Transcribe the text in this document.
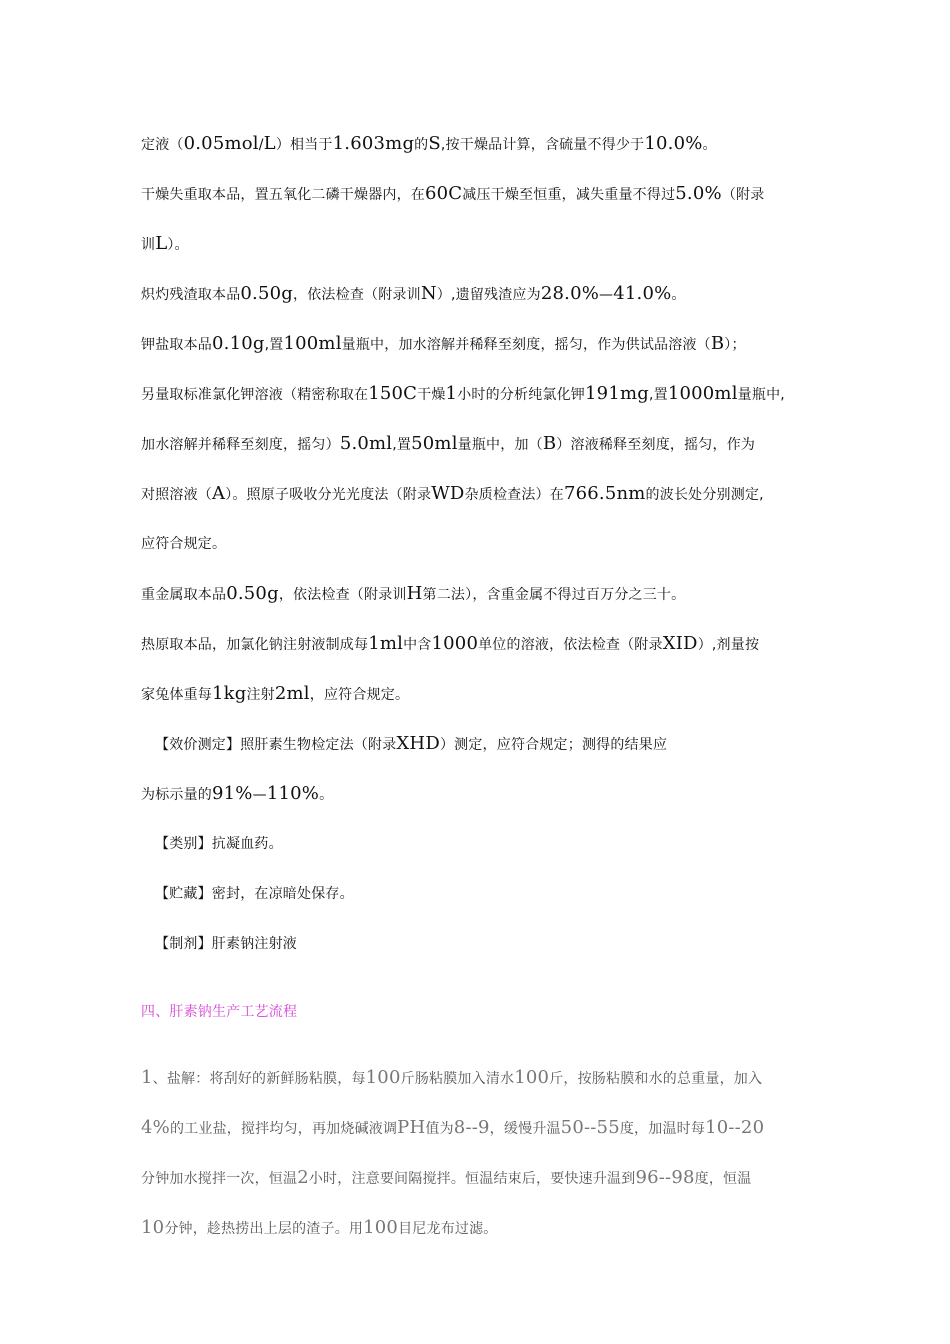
定液（0.05mol/L）相当于1.603mg的S,按干燥品计算，含硫量不得少于10.0%。
干燥失重取本品，置五氧化二磷干燥器内，在60C减压干燥至恒重，减失重量不得过5.0%（附录
训L）。
炽灼残渣取本品0.50g，依法检查（附录训N）,遗留残渣应为28.0%—41.0%。
钾盐取本品0.10g,置100ml量瓶中，加水溶解并稀释至刻度，摇匀，作为供试品溶液（B）；
另量取标准氯化钾溶液（精密称取在150C干燥1小时的分析纯氯化钾191mg,置1000ml量瓶中,
加水溶解并稀释至刻度，摇匀）5.0ml,置50ml量瓶中，加（B）溶液稀释至刻度，摇匀，作为
对照溶液（A）。照原子吸收分光光度法（附录WD杂质检查法）在766.5nm的波长处分别测定,
应符合规定。
重金属取本品0.50g，依法检查（附录训H第二法），含重金属不得过百万分之三十。
热原取本品，加氯化钠注射液制成每1ml中含1000单位的溶液，依法检查（附录XID）,剂量按
家兔体重每1kg注射2ml，应符合规定。
【效价测定】照肝素生物检定法（附录XHD）测定，应符合规定；测得的结果应
为标示量的91%—110%。
【类别】抗凝血药。
【贮藏】密封，在凉暗处保存。
【制剂】肝素钠注射液
四、肝素钠生产工艺流程
1、盐解：将刮好的新鲜肠粘膜，每100斤肠粘膜加入清水100斤，按肠粘膜和水的总重量，加入
4%的工业盐，搅拌均匀，再加烧碱液调PH值为8--9，缓慢升温50--55度，加温时每10--20
分钟加水搅拌一次，恒温2小时，注意要间隔搅拌。恒温结束后，要快速升温到96--98度，恒温
10分钟，趁热捞出上层的渣子。用100目尼龙布过滤。
